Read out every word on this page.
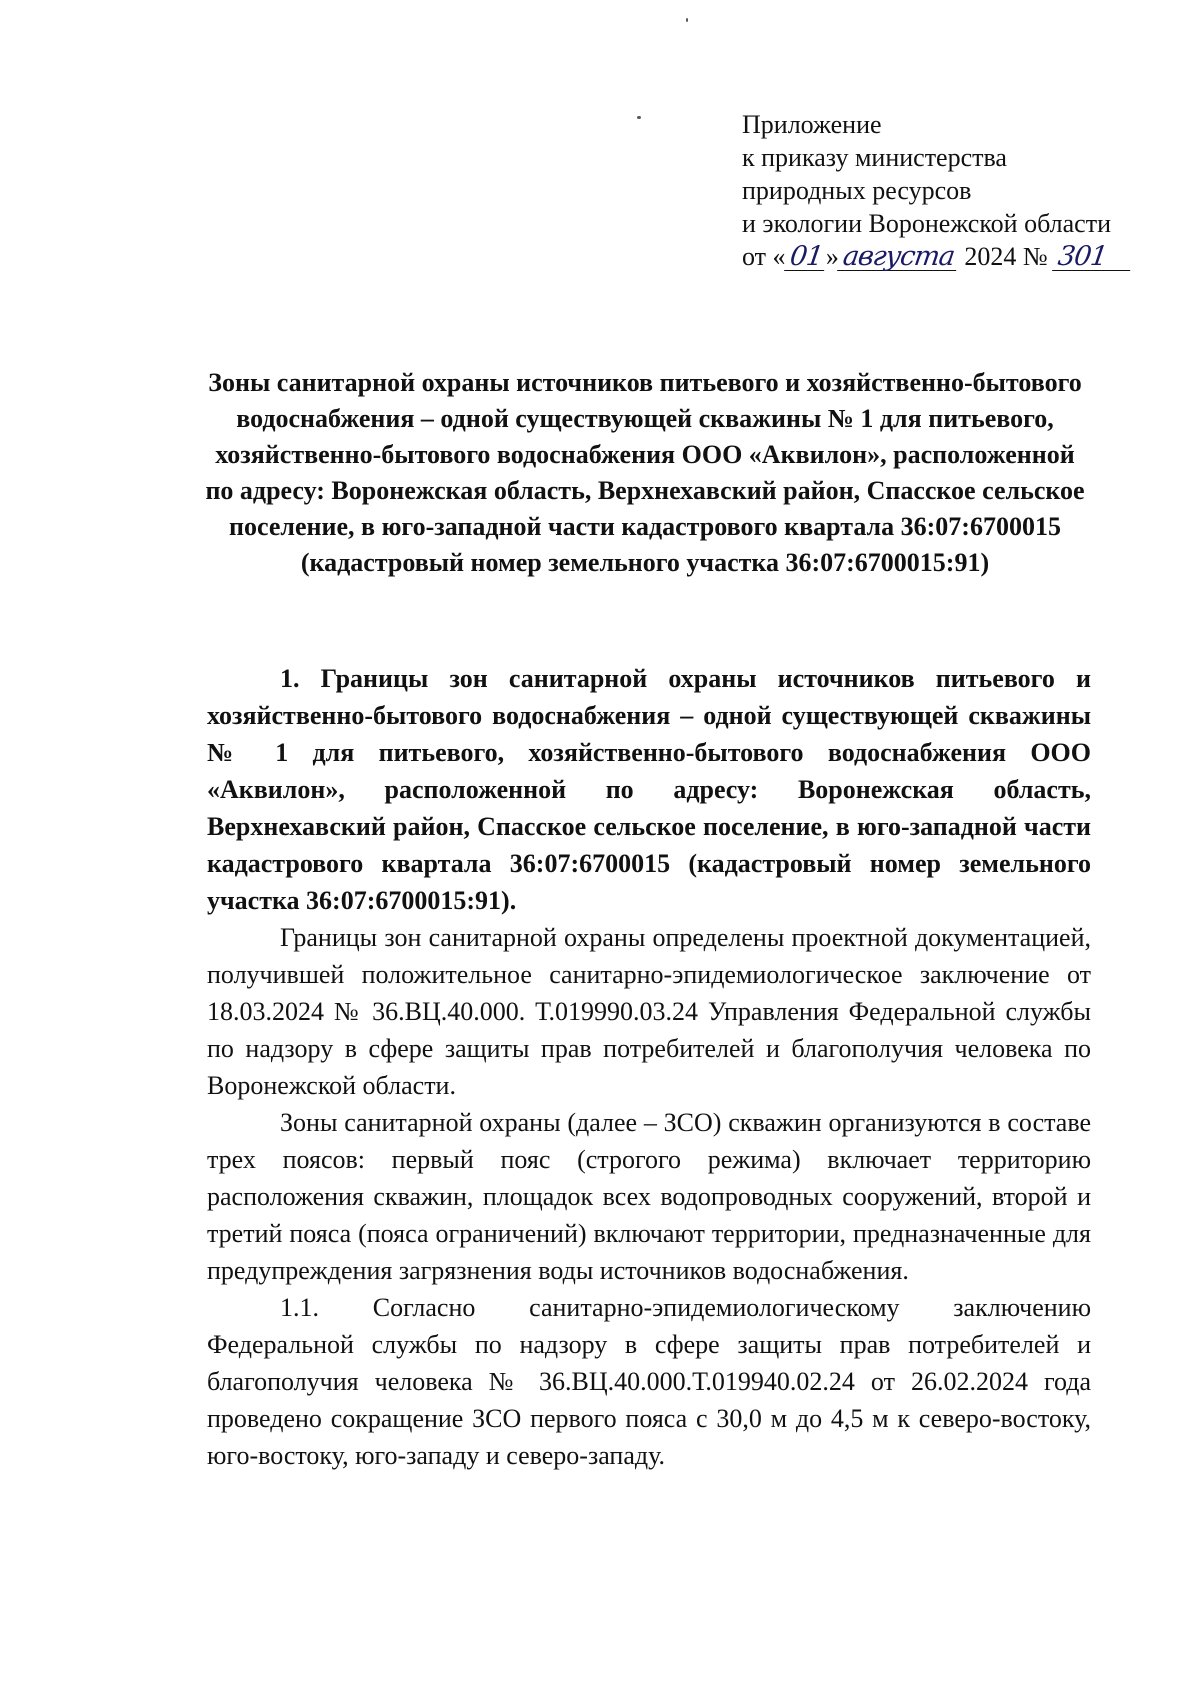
Приложение
к приказу министерства
природных ресурсов
и экологии Воронежской области
от «01»августа 2024 № 301
Зоны санитарной охраны источников питьевого и хозяйственно-бытового водоснабжения – одной существующей скважины № 1 для питьевого, хозяйственно-бытового водоснабжения ООО «Аквилон», расположенной по адресу: Воронежская область, Верхнехавский район, Спасское сельское поселение, в юго-западной части кадастрового квартала 36:07:6700015 (кадастровый номер земельного участка 36:07:6700015:91)

1. Границы зон санитарной охраны источников питьевого и хозяйственно-бытового водоснабжения – одной существующей скважины № 1 для питьевого, хозяйственно-бытового водоснабжения ООО «Аквилон», расположенной по адресу: Воронежская область, Верхнехавский район, Спасское сельское поселение, в юго-западной части кадастрового квартала 36:07:6700015 (кадастровый номер земельного участка 36:07:6700015:91).

Границы зон санитарной охраны определены проектной документацией, получившей положительное санитарно-эпидемиологическое заключение от 18.03.2024 № 36.ВЦ.40.000. Т.019990.03.24 Управления Федеральной службы по надзору в сфере защиты прав потребителей и благополучия человека по Воронежской области.

Зоны санитарной охраны (далее – ЗСО) скважин организуются в составе трех поясов: первый пояс (строгого режима) включает территорию расположения скважин, площадок всех водопроводных сооружений, второй и третий пояса (пояса ограничений) включают территории, предназначенные для предупреждения загрязнения воды источников водоснабжения.

1.1. Согласно санитарно-эпидемиологическому заключению Федеральной службы по надзору в сфере защиты прав потребителей и благополучия человека № 36.ВЦ.40.000.Т.019940.02.24 от 26.02.2024 года проведено сокращение ЗСО первого пояса с 30,0 м до 4,5 м к северо-востоку, юго-востоку, юго-западу и северо-западу.
